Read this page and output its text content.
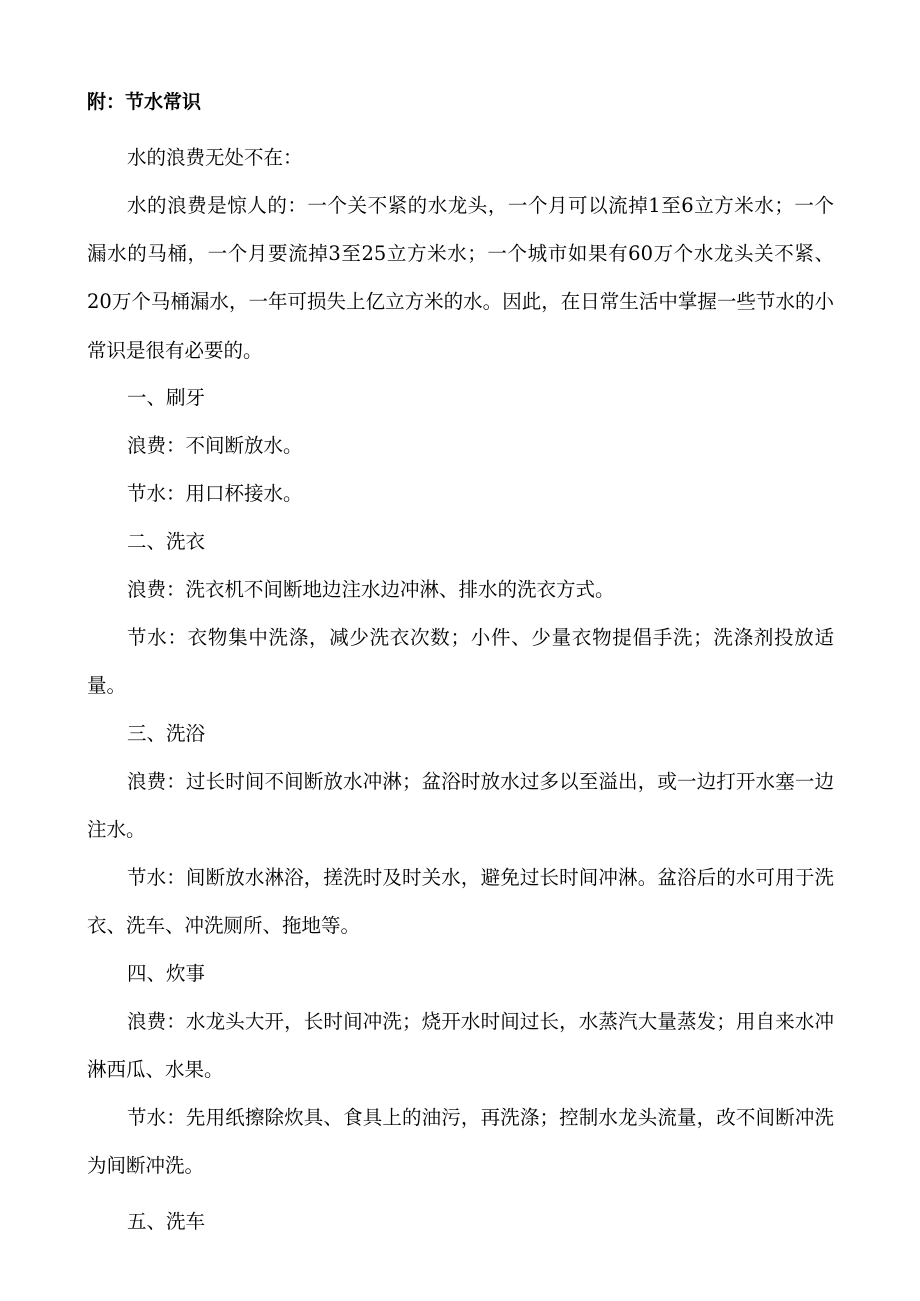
附：节水常识

水的浪费无处不在：

水的浪费是惊人的：一个关不紧的水龙头，一个月可以流掉1至6立方米水；一个漏水的马桶，一个月要流掉3至25立方米水；一个城市如果有60万个水龙头关不紧、20万个马桶漏水，一年可损失上亿立方米的水。因此，在日常生活中掌握一些节水的小常识是很有必要的。

一、刷牙

浪费：不间断放水。

节水：用口杯接水。

二、洗衣

浪费：洗衣机不间断地边注水边冲淋、排水的洗衣方式。

节水：衣物集中洗涤，减少洗衣次数；小件、少量衣物提倡手洗；洗涤剂投放适量。

三、洗浴

浪费：过长时间不间断放水冲淋；盆浴时放水过多以至溢出，或一边打开水塞一边注水。

节水：间断放水淋浴，搓洗时及时关水，避免过长时间冲淋。盆浴后的水可用于洗衣、洗车、冲洗厕所、拖地等。

四、炊事

浪费：水龙头大开，长时间冲洗；烧开水时间过长，水蒸汽大量蒸发；用自来水冲淋西瓜、水果。

节水：先用纸擦除炊具、食具上的油污，再洗涤；控制水龙头流量，改不间断冲洗为间断冲洗。

五、洗车
